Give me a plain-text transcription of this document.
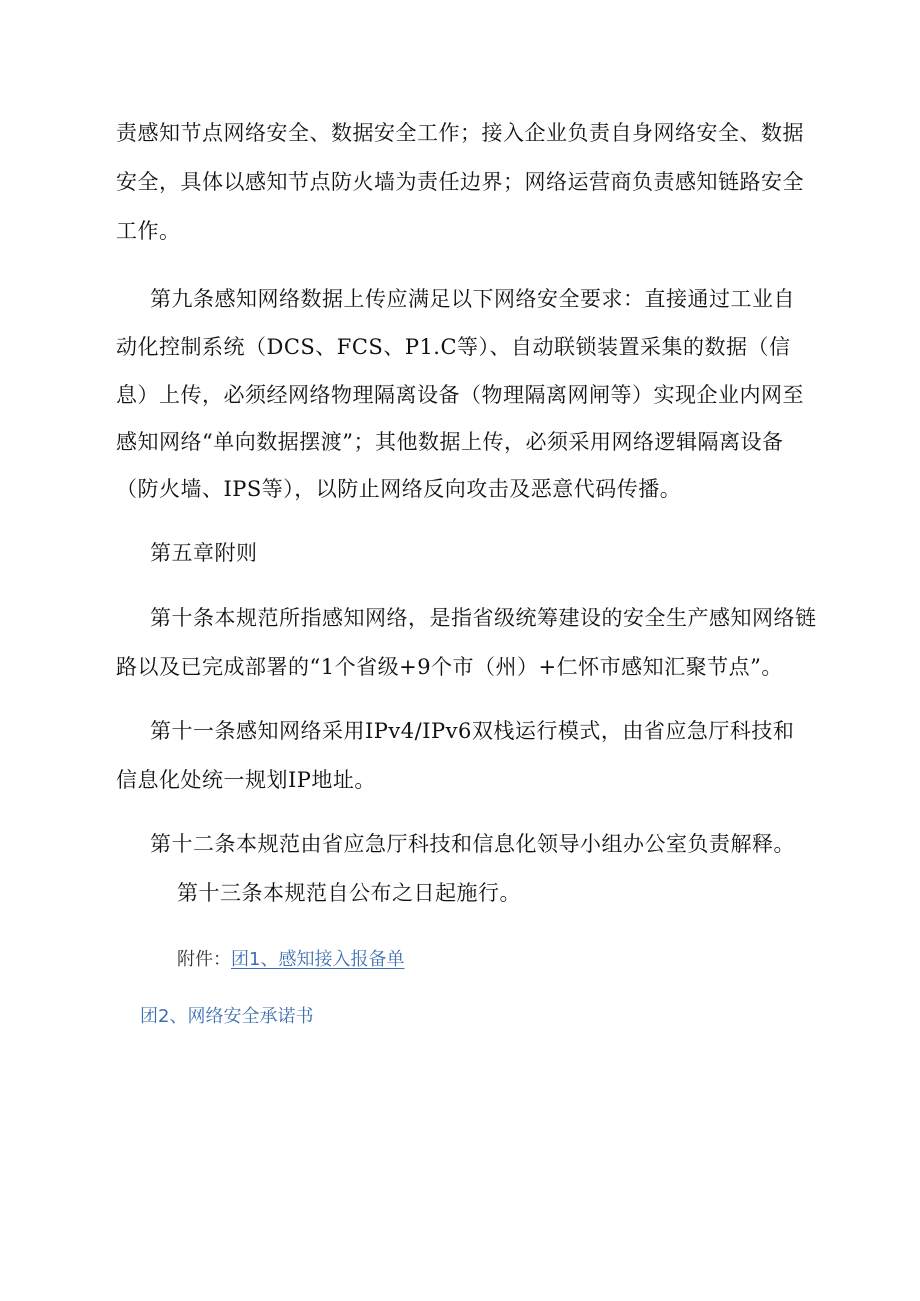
责感知节点网络安全、数据安全工作；接入企业负责自身网络安全、数据
安全，具体以感知节点防火墙为责任边界；网络运营商负责感知链路安全
工作。
第九条感知网络数据上传应满足以下网络安全要求：直接通过工业自
动化控制系统（DCS、FCS、P1.C等）、自动联锁装置采集的数据（信
息）上传，必须经网络物理隔离设备（物理隔离网闸等）实现企业内网至
感知网络“单向数据摆渡”；其他数据上传，必须采用网络逻辑隔离设备
（防火墙、IPS等），以防止网络反向攻击及恶意代码传播。
第五章附则
第十条本规范所指感知网络，是指省级统筹建设的安全生产感知网络链
路以及已完成部署的“1个省级+9个市（州）+仁怀市感知汇聚节点”。
第十一条感知网络采用IPv4/IPv6双栈运行模式，由省应急厅科技和
信息化处统一规划IP地址。
第十二条本规范由省应急厅科技和信息化领导小组办公室负责解释。
第十三条本规范自公布之日起施行。
附件：团1、感知接入报备单
团2、网络安全承诺书
